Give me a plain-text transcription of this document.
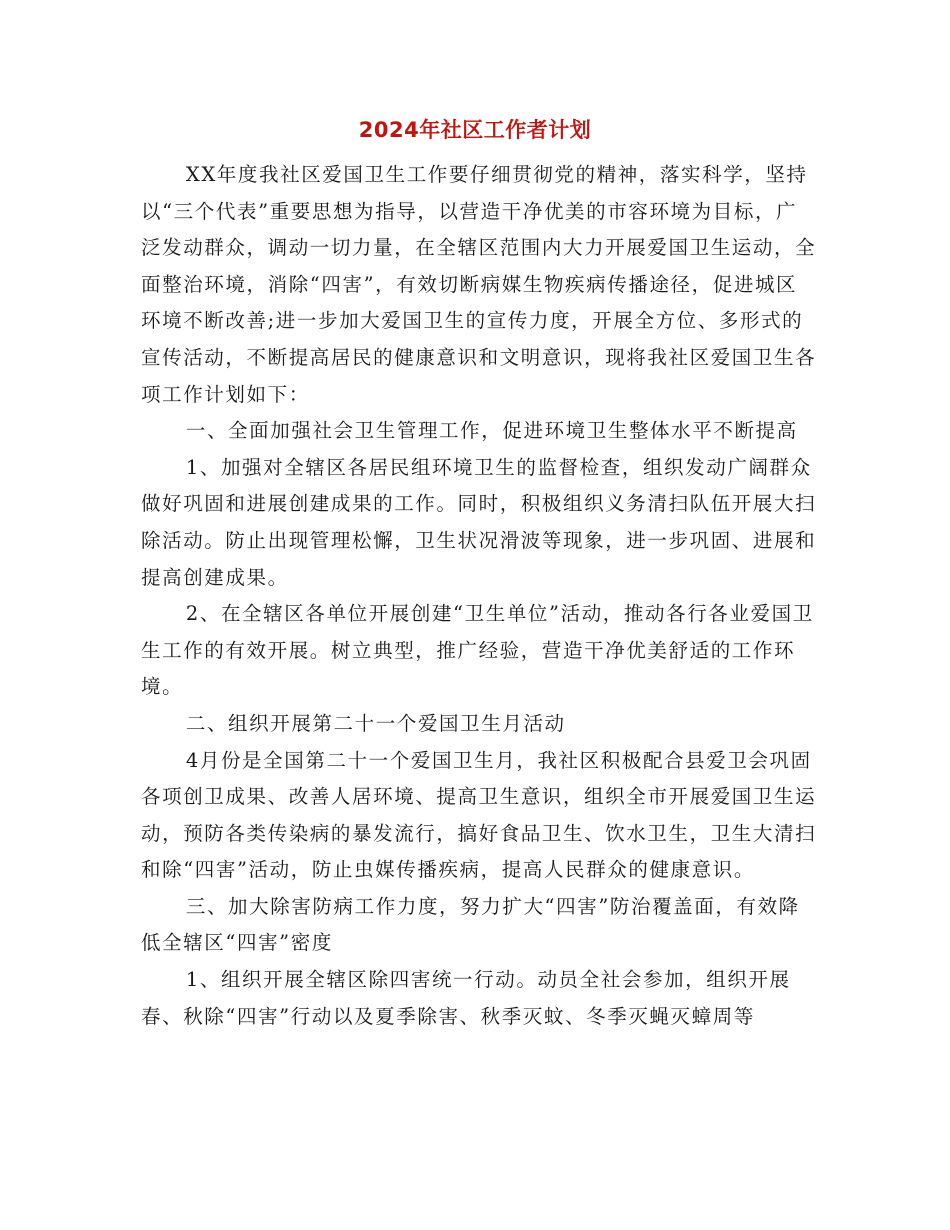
2024年社区工作者计划

XX年度我社区爱国卫生工作要仔细贯彻党的精神，落实科学，坚持以“三个代表”重要思想为指导，以营造干净优美的市容环境为目标，广泛发动群众，调动一切力量，在全辖区范围内大力开展爱国卫生运动，全面整治环境，消除“四害”，有效切断病媒生物疾病传播途径，促进城区环境不断改善;进一步加大爱国卫生的宣传力度，开展全方位、多形式的宣传活动，不断提高居民的健康意识和文明意识，现将我社区爱国卫生各项工作计划如下：

一、全面加强社会卫生管理工作，促进环境卫生整体水平不断提高

1、加强对全辖区各居民组环境卫生的监督检查，组织发动广阔群众做好巩固和进展创建成果的工作。同时，积极组织义务清扫队伍开展大扫除活动。防止出现管理松懈，卫生状况滑波等现象，进一步巩固、进展和提高创建成果。

2、在全辖区各单位开展创建“卫生单位”活动，推动各行各业爱国卫生工作的有效开展。树立典型，推广经验，营造干净优美舒适的工作环境。

二、组织开展第二十一个爱国卫生月活动

4月份是全国第二十一个爱国卫生月，我社区积极配合县爱卫会巩固各项创卫成果、改善人居环境、提高卫生意识，组织全市开展爱国卫生运动，预防各类传染病的暴发流行，搞好食品卫生、饮水卫生，卫生大清扫和除“四害”活动，防止虫媒传播疾病，提高人民群众的健康意识。

三、加大除害防病工作力度，努力扩大“四害”防治覆盖面，有效降低全辖区“四害”密度

1、组织开展全辖区除四害统一行动。动员全社会参加，组织开展春、秋除“四害”行动以及夏季除害、秋季灭蚊、冬季灭蝇灭蟑周等
